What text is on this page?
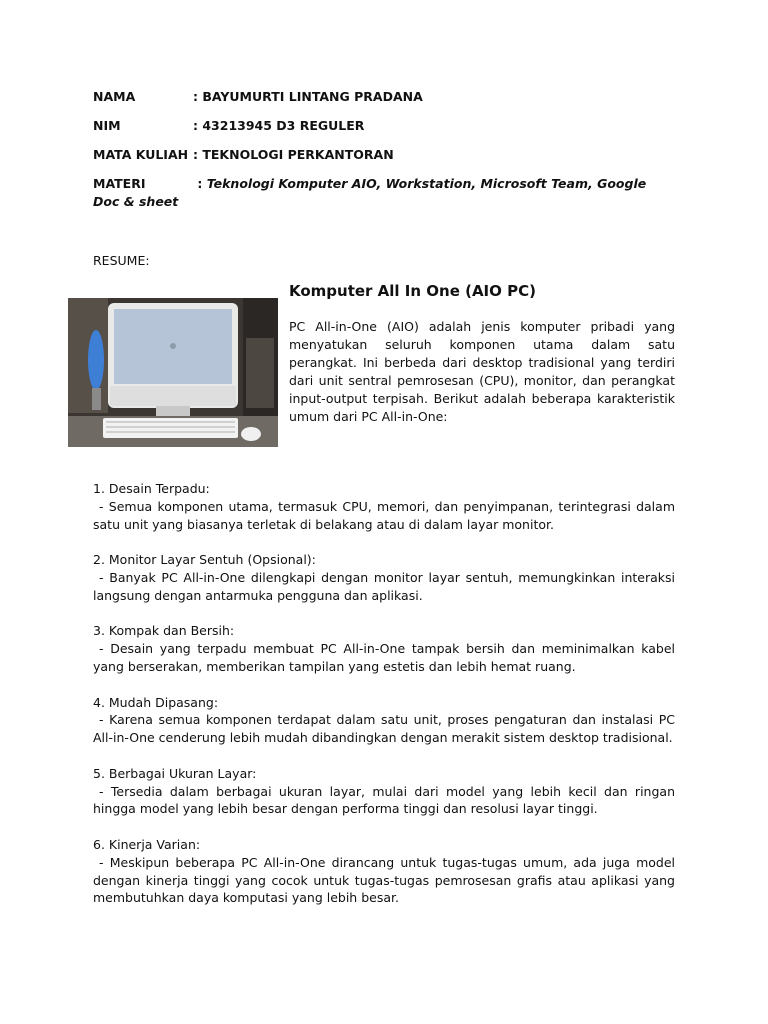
NAMA	: BAYUMURTI LINTANG PRADANA
NIM	: 43213945 D3 REGULER
MATA KULIAH : TEKNOLOGI PERKANTORAN
MATERI	: Teknologi Komputer AIO, Workstation, Microsoft Team, Google Doc & sheet
RESUME:
Komputer All In One (AIO PC)
PC All-in-One (AIO) adalah jenis komputer pribadi yang menyatukan seluruh komponen utama dalam satu perangkat. Ini berbeda dari desktop tradisional yang terdiri dari unit sentral pemrosesan (CPU), monitor, dan perangkat input-output terpisah. Berikut adalah beberapa karakteristik umum dari PC All-in-One:
1. Desain Terpadu:
- Semua komponen utama, termasuk CPU, memori, dan penyimpanan, terintegrasi dalam satu unit yang biasanya terletak di belakang atau di dalam layar monitor.
2. Monitor Layar Sentuh (Opsional):
- Banyak PC All-in-One dilengkapi dengan monitor layar sentuh, memungkinkan interaksi langsung dengan antarmuka pengguna dan aplikasi.
3. Kompak dan Bersih:
- Desain yang terpadu membuat PC All-in-One tampak bersih dan meminimalkan kabel yang berserakan, memberikan tampilan yang estetis dan lebih hemat ruang.
4. Mudah Dipasang:
- Karena semua komponen terdapat dalam satu unit, proses pengaturan dan instalasi PC All-in-One cenderung lebih mudah dibandingkan dengan merakit sistem desktop tradisional.
5. Berbagai Ukuran Layar:
- Tersedia dalam berbagai ukuran layar, mulai dari model yang lebih kecil dan ringan hingga model yang lebih besar dengan performa tinggi dan resolusi layar tinggi.
6. Kinerja Varian:
- Meskipun beberapa PC All-in-One dirancang untuk tugas-tugas umum, ada juga model dengan kinerja tinggi yang cocok untuk tugas-tugas pemrosesan grafis atau aplikasi yang membutuhkan daya komputasi yang lebih besar.
